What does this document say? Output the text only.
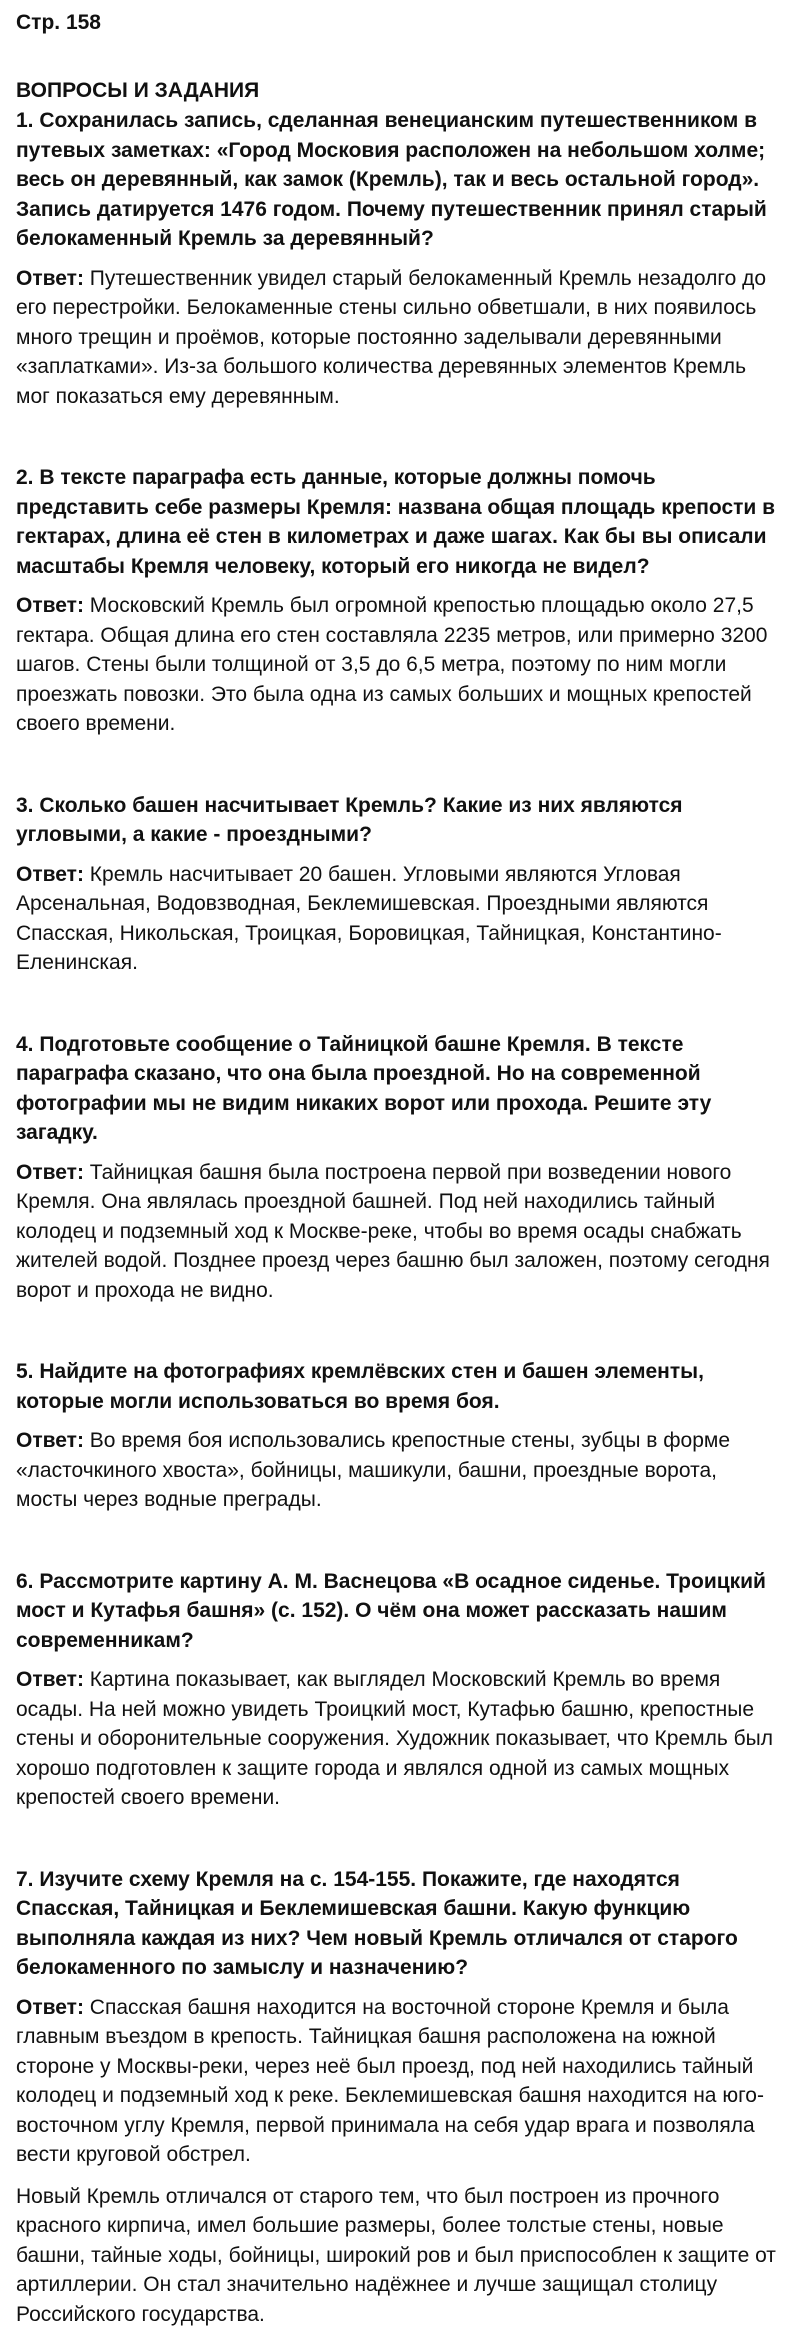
Стр. 158
ВОПРОСЫ И ЗАДАНИЯ

1. Сохранилась запись, сделанная венецианским путешественником в путевых заметках: «Город Московия расположен на небольшом холме; весь он деревянный, как замок (Кремль), так и весь остальной город». Запись датируется 1476 годом. Почему путешественник принял старый белокаменный Кремль за деревянный?

Ответ: Путешественник увидел старый белокаменный Кремль незадолго до его перестройки. Белокаменные стены сильно обветшали, в них появилось много трещин и проёмов, которые постоянно заделывали деревянными «заплатками». Из-за большого количества деревянных элементов Кремль мог показаться ему деревянным.

2. В тексте параграфа есть данные, которые должны помочь представить себе размеры Кремля: названа общая площадь крепости в гектарах, длина её стен в километрах и даже шагах. Как бы вы описали масштабы Кремля человеку, который его никогда не видел?

Ответ: Московский Кремль был огромной крепостью площадью около 27,5 гектара. Общая длина его стен составляла 2235 метров, или примерно 3200 шагов. Стены были толщиной от 3,5 до 6,5 метра, поэтому по ним могли проезжать повозки. Это была одна из самых больших и мощных крепостей своего времени.

3. Сколько башен насчитывает Кремль? Какие из них являются угловыми, а какие - проездными?

Ответ: Кремль насчитывает 20 башен. Угловыми являются Угловая Арсенальная, Водовзводная, Беклемишевская. Проездными являются Спасская, Никольская, Троицкая, Боровицкая, Тайницкая, Константино-Еленинская.

4. Подготовьте сообщение о Тайницкой башне Кремля. В тексте параграфа сказано, что она была проездной. Но на современной фотографии мы не видим никаких ворот или прохода. Решите эту загадку.

Ответ: Тайницкая башня была построена первой при возведении нового Кремля. Она являлась проездной башней. Под ней находились тайный колодец и подземный ход к Москве-реке, чтобы во время осады снабжать жителей водой. Позднее проезд через башню был заложен, поэтому сегодня ворот и прохода не видно.

5. Найдите на фотографиях кремлёвских стен и башен элементы, которые могли использоваться во время боя.

Ответ: Во время боя использовались крепостные стены, зубцы в форме «ласточкиного хвоста», бойницы, машикули, башни, проездные ворота, мосты через водные преграды.

6. Рассмотрите картину А. М. Васнецова «В осадное сиденье. Троицкий мост и Кутафья башня» (с. 152). О чём она может рассказать нашим современникам?

Ответ: Картина показывает, как выглядел Московский Кремль во время осады. На ней можно увидеть Троицкий мост, Кутафью башню, крепостные стены и оборонительные сооружения. Художник показывает, что Кремль был хорошо подготовлен к защите города и являлся одной из самых мощных крепостей своего времени.

7. Изучите схему Кремля на с. 154-155. Покажите, где находятся Спасская, Тайницкая и Беклемишевская башни. Какую функцию выполняла каждая из них? Чем новый Кремль отличался от старого белокаменного по замыслу и назначению?

Ответ: Спасская башня находится на восточной стороне Кремля и была главным въездом в крепость. Тайницкая башня расположена на южной стороне у Москвы-реки, через неё был проезд, под ней находились тайный колодец и подземный ход к реке. Беклемишевская башня находится на юго-восточном углу Кремля, первой принимала на себя удар врага и позволяла вести круговой обстрел.

Новый Кремль отличался от старого тем, что был построен из прочного красного кирпича, имел большие размеры, более толстые стены, новые башни, тайные ходы, бойницы, широкий ров и был приспособлен к защите от артиллерии. Он стал значительно надёжнее и лучше защищал столицу Российского государства.
